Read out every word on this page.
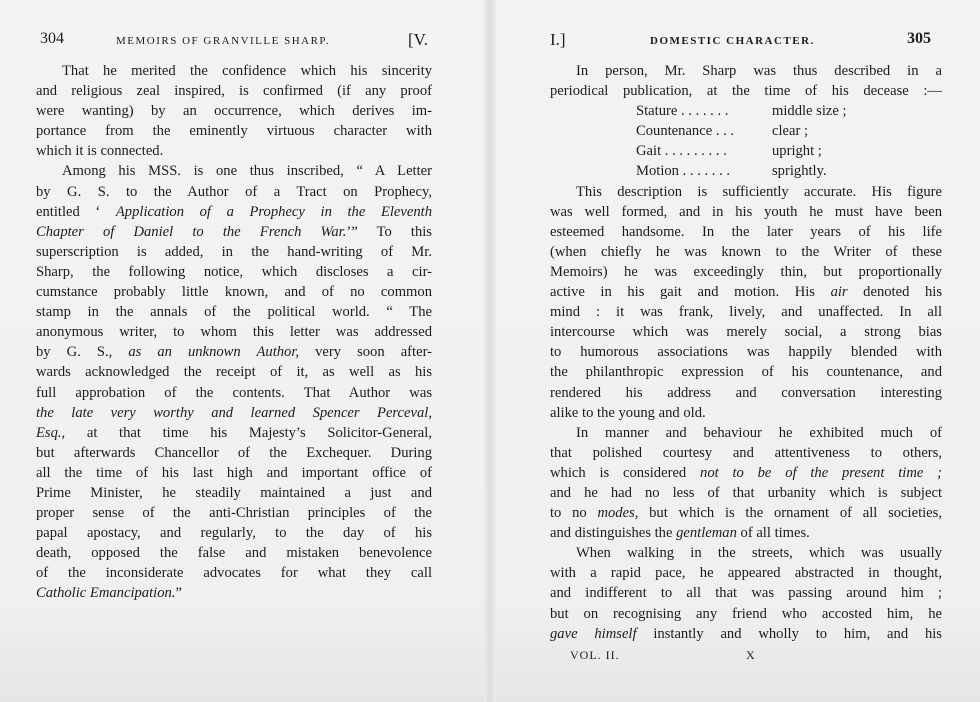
304	MEMOIRS OF GRANVILLE SHARP.	[V.
That he merited the confidence which his sincerity
and religious zeal inspired, is confirmed (if any proof
were wanting) by an occurrence, which derives im-
portance from the eminently virtuous character with
which it is connected.
Among his MSS. is one thus inscribed, “ A Letter
by G. S. to the Author of a Tract on Prophecy,
entitled ‘ Application of a Prophecy in the Eleventh
Chapter of Daniel to the French War.’” To this
superscription is added, in the hand-writing of Mr.
Sharp, the following notice, which discloses a cir-
cumstance probably little known, and of no common
stamp in the annals of the political world. “ The
anonymous writer, to whom this letter was addressed
by G. S., as an unknown Author, very soon after-
wards acknowledged the receipt of it, as well as his
full approbation of the contents. That Author was
the late very worthy and learned Spencer Perceval,
Esq., at that time his Majesty’s Solicitor-General,
but afterwards Chancellor of the Exchequer. During
all the time of his last high and important office of
Prime Minister, he steadily maintained a just and
proper sense of the anti-Christian principles of the
papal apostacy, and regularly, to the day of his
death, opposed the false and mistaken benevolence
of the inconsiderate advocates for what they call
Catholic Emancipation.”
I.]	DOMESTIC CHARACTER.	305
In person, Mr. Sharp was thus described in a
periodical publication, at the time of his decease :—
Stature . . . . . . .	middle size ;
Countenance . . .	clear ;
Gait . . . . . . . . .	upright ;
Motion . . . . . . .	sprightly.
This description is sufficiently accurate. His figure
was well formed, and in his youth he must have been
esteemed handsome. In the later years of his life
(when chiefly he was known to the Writer of these
Memoirs) he was exceedingly thin, but proportionally
active in his gait and motion. His air denoted his
mind : it was frank, lively, and unaffected. In all
intercourse which was merely social, a strong bias
to humorous associations was happily blended with
the philanthropic expression of his countenance, and
rendered his address and conversation interesting
alike to the young and old.
In manner and behaviour he exhibited much of
that polished courtesy and attentiveness to others,
which is considered not to be of the present time ;
and he had no less of that urbanity which is subject
to no modes, but which is the ornament of all societies,
and distinguishes the gentleman of all times.
When walking in the streets, which was usually
with a rapid pace, he appeared abstracted in thought,
and indifferent to all that was passing around him ;
but on recognising any friend who accosted him, he
gave himself instantly and wholly to him, and his
VOL. II.	X
